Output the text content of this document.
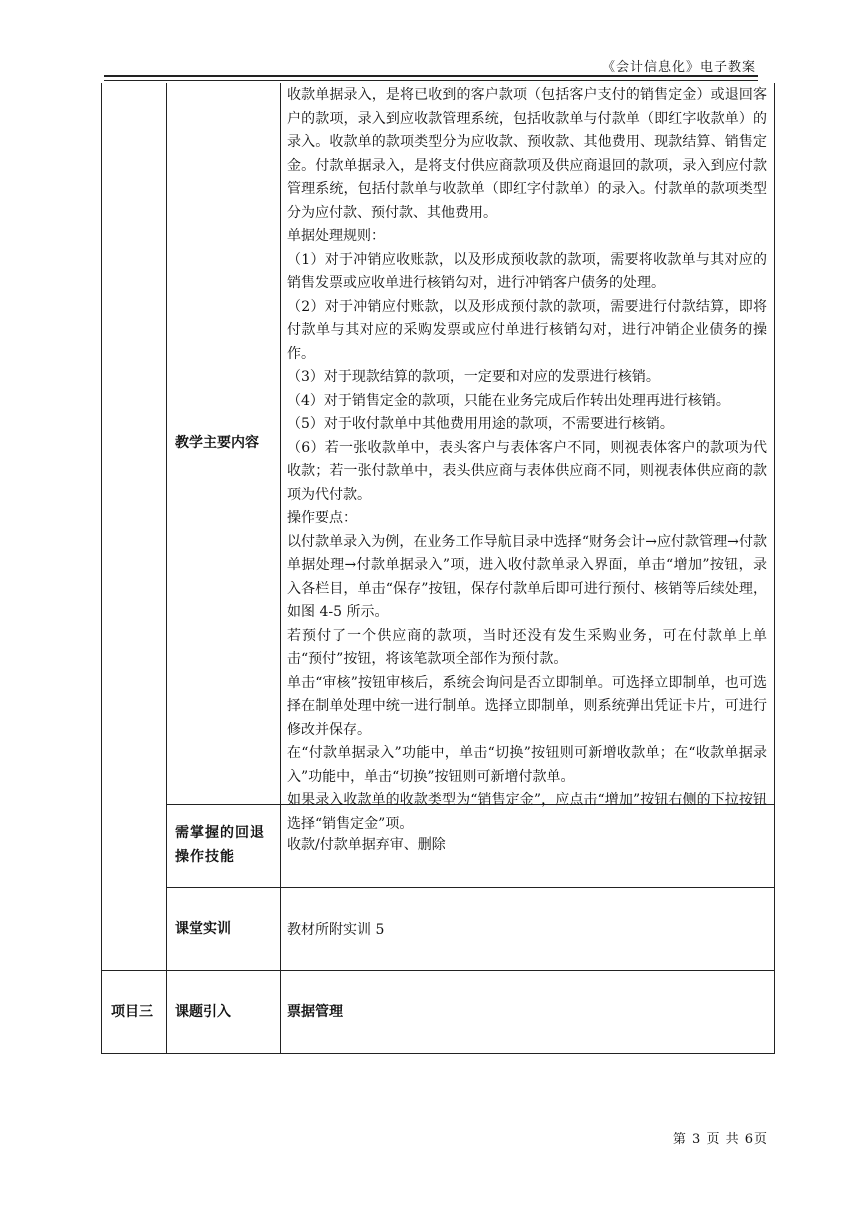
《会计信息化》电子教案
教学主要内容

收款单据录入，是将已收到的客户款项（包括客户支付的销售定金）或退回客户的款项，录入到应收款管理系统，包括收款单与付款单（即红字收款单）的录入。收款单的款项类型分为应收款、预收款、其他费用、现款结算、销售定金。付款单据录入，是将支付供应商款项及供应商退回的款项，录入到应付款管理系统，包括付款单与收款单（即红字付款单）的录入。付款单的款项类型分为应付款、预付款、其他费用。

单据处理规则：

（1）对于冲销应收账款，以及形成预收款的款项，需要将收款单与其对应的销售发票或应收单进行核销勾对，进行冲销客户债务的处理。

（2）对于冲销应付账款，以及形成预付款的款项，需要进行付款结算，即将付款单与其对应的采购发票或应付单进行核销勾对，进行冲销企业债务的操作。

（3）对于现款结算的款项，一定要和对应的发票进行核销。

（4）对于销售定金的款项，只能在业务完成后作转出处理再进行核销。

（5）对于收付款单中其他费用用途的款项，不需要进行核销。

（6）若一张收款单中，表头客户与表体客户不同，则视表体客户的款项为代收款；若一张付款单中，表头供应商与表体供应商不同，则视表体供应商的款项为代付款。

操作要点：

以付款单录入为例，在业务工作导航目录中选择“财务会计→应付款管理→付款单据处理→付款单据录入”项，进入收付款单录入界面，单击“增加”按钮，录入各栏目，单击“保存”按钮，保存付款单后即可进行预付、核销等后续处理，如图 4-5 所示。

若预付了一个供应商的款项，当时还没有发生采购业务，可在付款单上单击“预付”按钮，将该笔款项全部作为预付款。

单击“审核”按钮审核后，系统会询问是否立即制单。可选择立即制单，也可选择在制单处理中统一进行制单。选择立即制单，则系统弹出凭证卡片，可进行修改并保存。

在“付款单据录入”功能中，单击“切换”按钮则可新增收款单；在“收款单据录入”功能中，单击“切换”按钮则可新增付款单。

如果录入收款单的收款类型为“销售定金”，应点击“增加”按钮右侧的下拉按钮选择“销售定金”项。

需掌握的回退
操作技能
收款/付款单据弃审、删除
课堂实训	教材所附实训 5
项目三 课题引入	票据管理
第 3 页 共 6页
